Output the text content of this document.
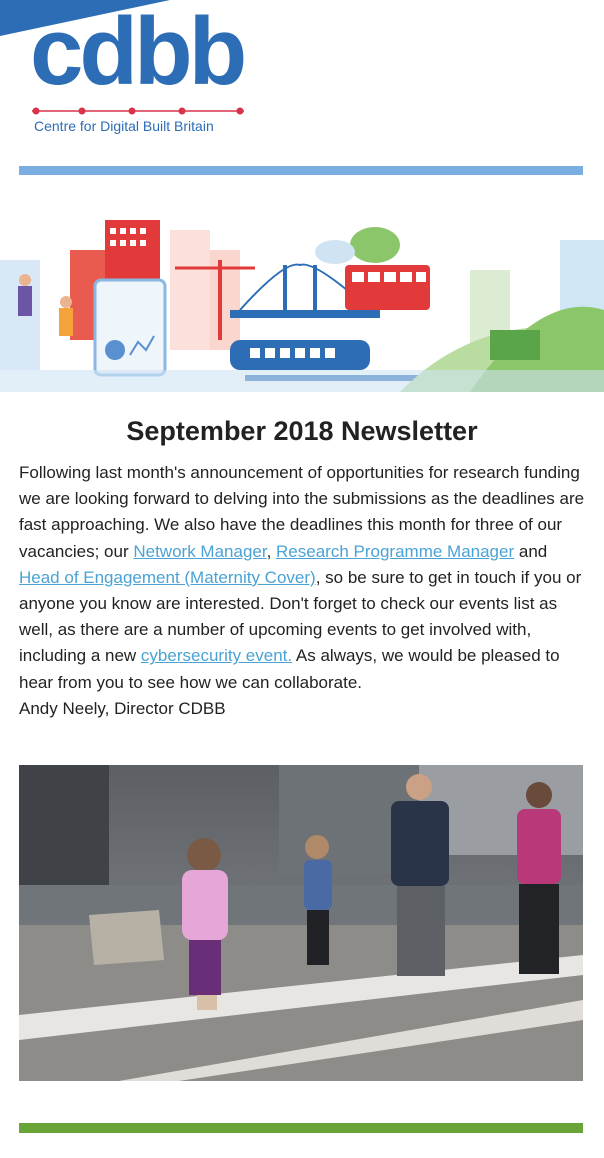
cdbb
Centre for Digital Built Britain
September 2018 Newsletter

Following last month's announcement of opportunities for research funding we are looking forward to delving into the submissions as the deadlines are fast approaching. We also have the deadlines this month for three of our vacancies; our Network Manager, Research Programme Manager and Head of Engagement (Maternity Cover), so be sure to get in touch if you or anyone you know are interested. Don't forget to check our events list as well, as there are a number of upcoming events to get involved with, including a new cybersecurity event. As always, we would be pleased to hear from you to see how we can collaborate.
Andy Neely, Director CDBB
